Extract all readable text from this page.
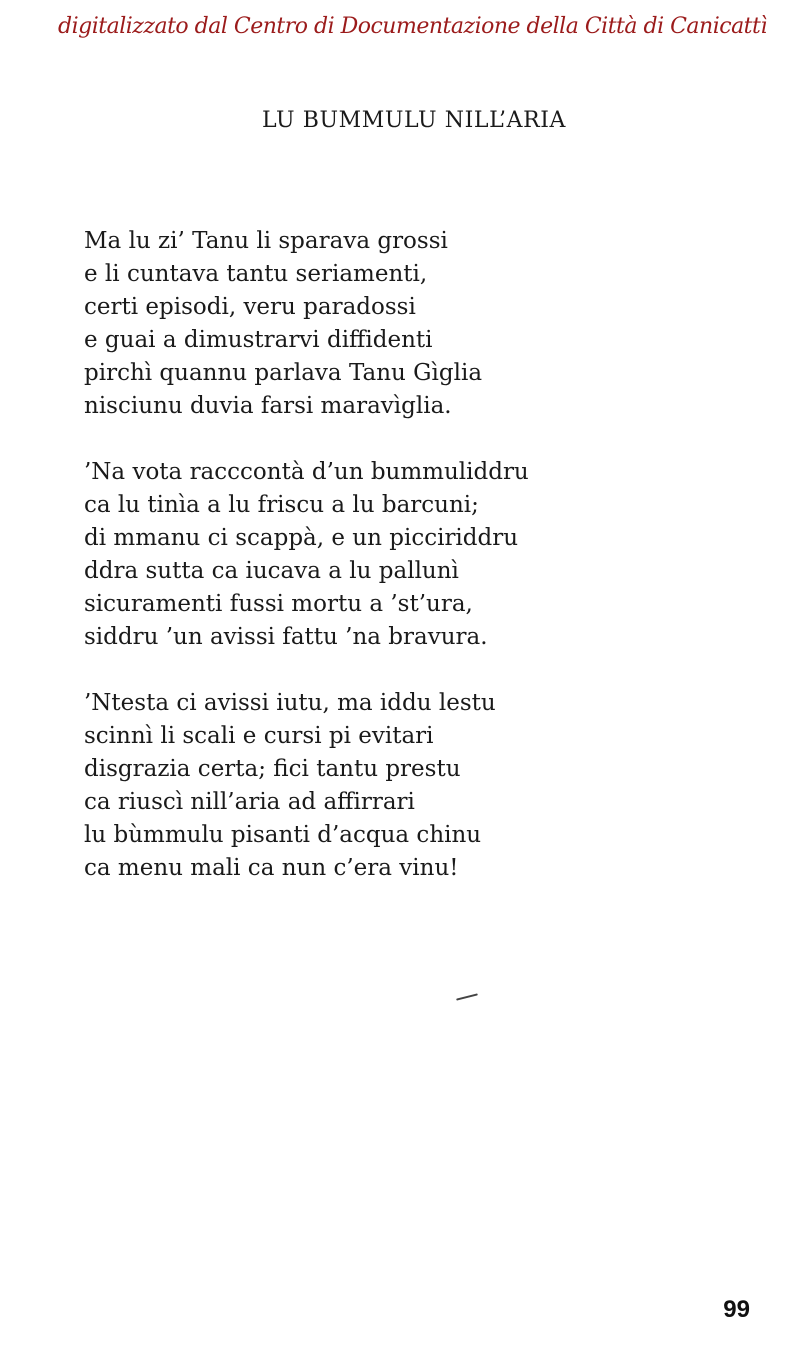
digitalizzato dal Centro di Documentazione della Città di Canicattì
LU BUMMULU NILL’ARIA
Ma lu zi’ Tanu li sparava grossi
e li cuntava tantu seriamenti,
certi episodi, veru paradossi
e guai a dimustrarvi diffidenti
pirchì quannu parlava Tanu Gìglia
nisciunu duvia farsi maravìglia.
’Na vota racccontà d’un bummuliddru
ca lu tinìa a lu friscu a lu barcuni;
di mmanu ci scappà, e un picciriddru
ddra sutta ca iucava a lu pallunì
sicuramenti fussi mortu a ’st’ura,
siddru ’un avissi fattu ’na bravura.
’Ntesta ci avissi iutu, ma iddu lestu
scinnì li scali e cursi pi evitari
disgrazia certa; fici tantu prestu
ca riuscì nill’aria ad affirrari
lu bùmmulu pisanti d’acqua chinu
ca menu mali ca nun c’era vinu!
99
